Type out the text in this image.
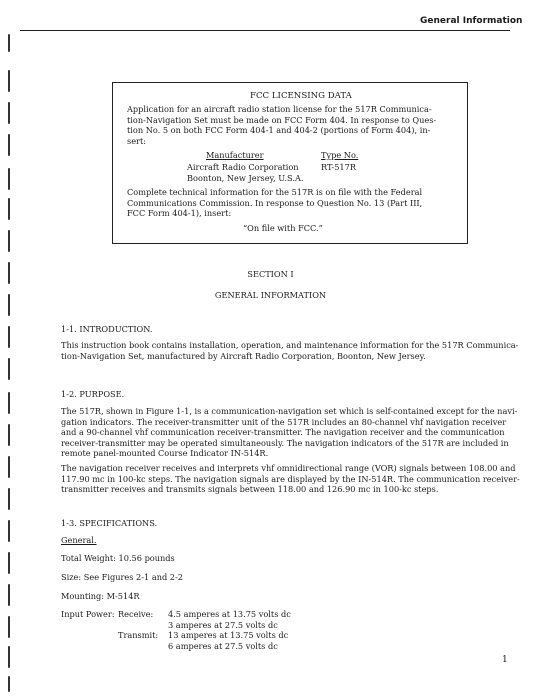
General Information
FCC LICENSING DATA
Application for an aircraft radio station license for the 517R Communica-
tion-Navigation Set must be made on FCC Form 404. In response to Ques-
tion No. 5 on both FCC Form 404-1 and 404-2 (portions of Form 404), in-
sert:
Manufacturer	Type No.
Aircraft Radio Corporation
Boonton, New Jersey, U.S.A.
RT-517R
Complete technical information for the 517R is on file with the Federal
Communications Commission. In response to Question No. 13 (Part III,
FCC Form 404-1), insert:
“On file with FCC.”
SECTION I
GENERAL INFORMATION
1-1. INTRODUCTION.
This instruction book contains installation, operation, and maintenance information for the 517R Communica-
tion-Navigation Set, manufactured by Aircraft Radio Corporation, Boonton, New Jersey.
1-2. PURPOSE.
The 517R, shown in Figure 1-1, is a communication-navigation set which is self-contained except for the navi-
gation indicators. The receiver-transmitter unit of the 517R includes an 80-channel vhf navigation receiver
and a 90-channel vhf communication receiver-transmitter. The navigation receiver and the communication
receiver-transmitter may be operated simultaneously. The navigation indicators of the 517R are included in
remote panel-mounted Course Indicator IN-514R.
The navigation receiver receives and interprets vhf omnidirectional range (VOR) signals between 108.00 and
117.90 mc in 100-kc steps. The navigation signals are displayed by the IN-514R. The communication receiver-
transmitter receives and transmits signals between 118.00 and 126.90 mc in 100-kc steps.
1-3. SPECIFICATIONS.
General.
Total Weight: 10.56 pounds
Size: See Figures 2-1 and 2-2
Mounting: M-514R
Input Power: Receive: 4.5 amperes at 13.75 volts dc
3 amperes at 27.5 volts dc
Transmit: 13 amperes at 13.75 volts dc
6 amperes at 27.5 volts dc
1
